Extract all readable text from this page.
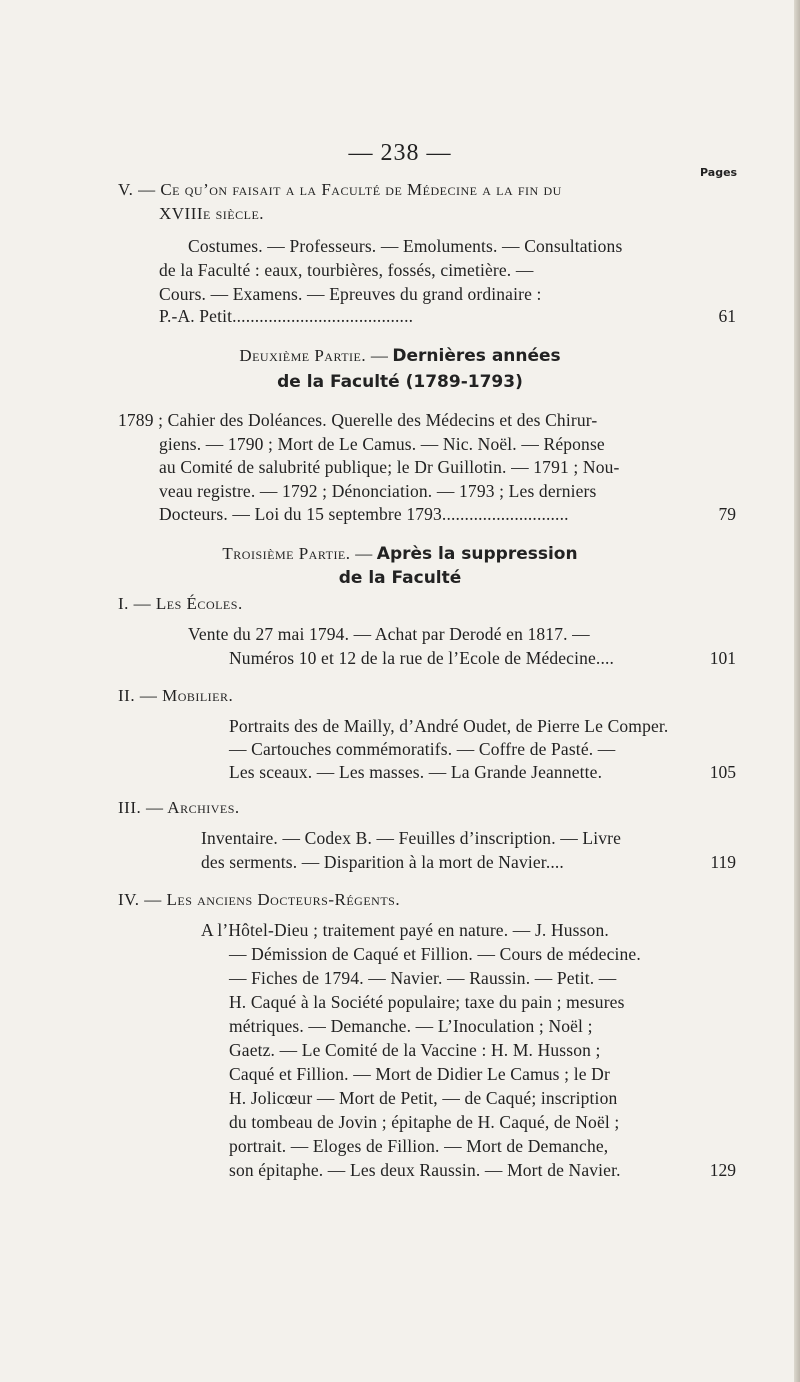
— 238 —
Pages
V. — Ce qu’on faisait a la Faculté de Médecine a la fin du
XVIIIe siècle.
Costumes. — Professeurs. — Emoluments. — Consultations
de la Faculté : eaux, tourbières, fossés, cimetière. —
Cours. — Examens. — Epreuves du grand ordinaire :
P.-A. Petit........................................	61
Deuxième Partie. — Dernières années
de la Faculté (1789-1793)
1789 ; Cahier des Doléances. Querelle des Médecins et des Chirur-
giens. — 1790 ; Mort de Le Camus. — Nic. Noël. — Réponse
au Comité de salubrité publique; le Dr Guillotin. — 1791 ; Nou-
veau registre. — 1792 ; Dénonciation. — 1793 ; Les derniers
Docteurs. — Loi du 15 septembre 1793............................	79
Troisième Partie. — Après la suppression
de la Faculté
I. — Les Écoles.
Vente du 27 mai 1794. — Achat par Derodé en 1817. —
Numéros 10 et 12 de la rue de l’Ecole de Médecine....	101
II. — Mobilier.
Portraits des de Mailly, d’André Oudet, de Pierre Le Comper.
— Cartouches commémoratifs. — Coffre de Pasté. —
Les sceaux. — Les masses. — La Grande Jeannette.	105
III. — Archives.
Inventaire. — Codex B. — Feuilles d’inscription. — Livre
des serments. — Disparition à la mort de Navier....	119
IV. — Les anciens Docteurs-Régents.
A l’Hôtel-Dieu ; traitement payé en nature. — J. Husson.
— Démission de Caqué et Fillion. — Cours de médecine.
— Fiches de 1794. — Navier. — Raussin. — Petit. —
H. Caqué à la Société populaire; taxe du pain ; mesures
métriques. — Demanche. — L’Inoculation ; Noël ;
Gaetz. — Le Comité de la Vaccine : H. M. Husson ;
Caqué et Fillion. — Mort de Didier Le Camus ; le Dr
H. Jolicœur — Mort de Petit, — de Caqué; inscription
du tombeau de Jovin ; épitaphe de H. Caqué, de Noël ;
portrait. — Eloges de Fillion. — Mort de Demanche,
son épitaphe. — Les deux Raussin. — Mort de Navier.	129
